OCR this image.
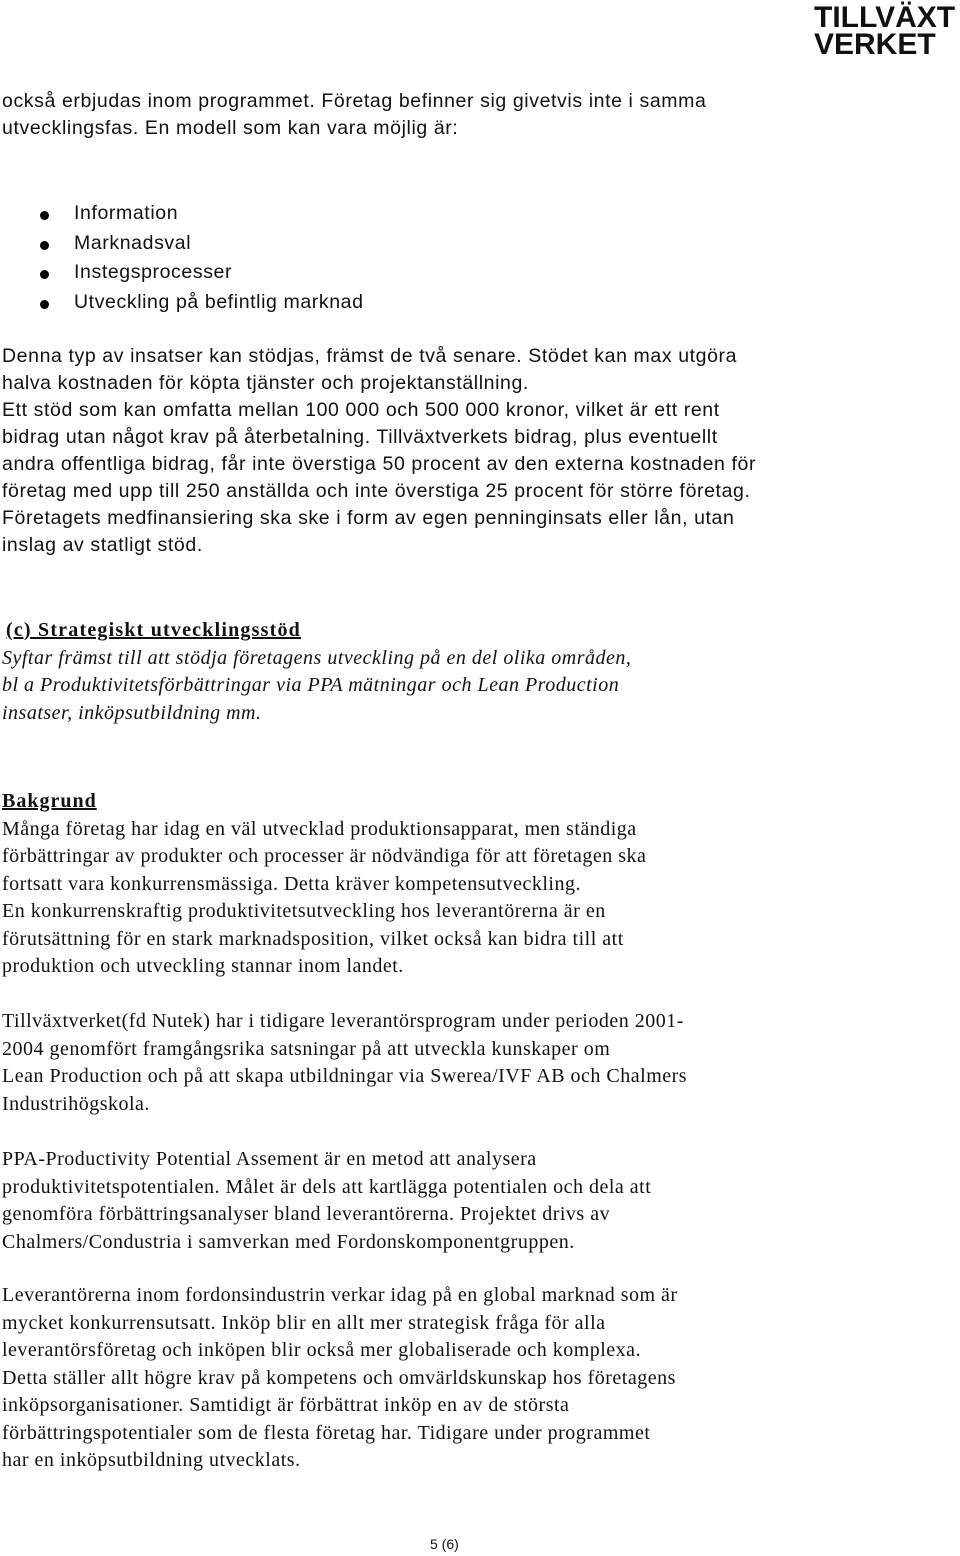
TILLVÄXT
VERKET
också erbjudas inom programmet. Företag befinner sig givetvis inte i samma
utvecklingsfas. En modell som kan vara möjlig är:
Information
Marknadsval
Instegsprocesser
Utveckling på befintlig marknad
Denna typ av insatser kan stödjas, främst de två senare. Stödet kan max utgöra
halva kostnaden för köpta tjänster och projektanställning.
Ett stöd som kan omfatta mellan 100 000 och 500 000 kronor, vilket är ett rent
bidrag utan något krav på återbetalning. Tillväxtverkets bidrag, plus eventuellt
andra offentliga bidrag, får inte överstiga 50 procent av den externa kostnaden för
företag med upp till 250 anställda och inte överstiga 25 procent för större företag.
Företagets medfinansiering ska ske i form av egen penninginsats eller lån, utan
inslag av statligt stöd.
(c) Strategiskt utvecklingsstöd
Syftar främst till att stödja företagens utveckling på en del olika områden,
bl a Produktivitetsförbättringar via PPA mätningar och Lean Production
insatser, inköpsutbildning mm.
Bakgrund
Många företag har idag en väl utvecklad produktionsapparat, men ständiga
förbättringar av produkter och processer är nödvändiga för att företagen ska
fortsatt vara konkurrensmässiga. Detta kräver kompetensutveckling.
En konkurrenskraftig produktivitetsutveckling hos leverantörerna är en
förutsättning för en stark marknadsposition, vilket också kan bidra till att
produktion och utveckling stannar inom landet.
Tillväxtverket(fd Nutek) har i tidigare leverantörsprogram under perioden 2001-
2004 genomfört framgångsrika satsningar på att utveckla kunskaper om
Lean Production och på att skapa utbildningar via Swerea/IVF AB och Chalmers
Industrihögskola.
PPA-Productivity Potential Assement är en metod att analysera
produktivitetspotentialen. Målet är dels att kartlägga potentialen och dela att
genomföra förbättringsanalyser bland leverantörerna. Projektet drivs av
Chalmers/Condustria i samverkan med Fordonskomponentgruppen.
Leverantörerna inom fordonsindustrin verkar idag på en global marknad som är
mycket konkurrensutsatt. Inköp blir en allt mer strategisk fråga för alla
leverantörsföretag och inköpen blir också mer globaliserade och komplexa.
Detta ställer allt högre krav på kompetens och omvärldskunskap hos företagens
inköpsorganisationer. Samtidigt är förbättrat inköp en av de största
förbättringspotentialer som de flesta företag har. Tidigare under programmet
har en inköpsutbildning utvecklats.
5 (6)
